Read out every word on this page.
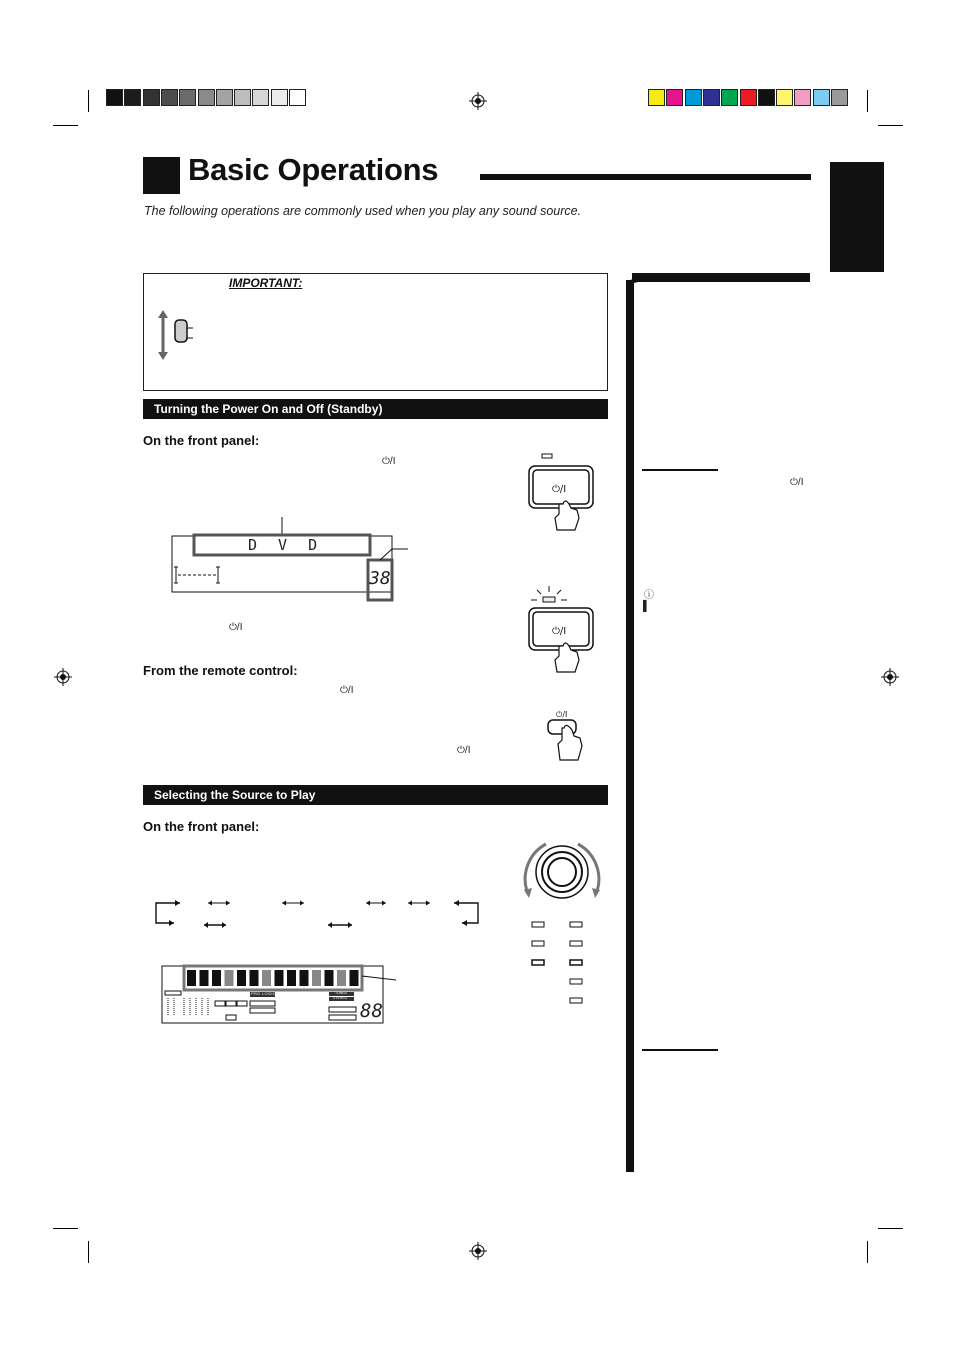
Basic Operations
The following operations are commonly used when you play any sound source.
IMPORTANT:
Turning the Power On and Off (Standby)
On the front panel:
⏻/I
⏻/I
D V D
38
⏻/I	⏻/I
From the remote control:
⏻/I
⏻/I
⏻/I
Selecting the Source to Play
On the front panel:
PRO LOGIC	TUNED
STEREO
88
⏻/I
ⓘ
▌
